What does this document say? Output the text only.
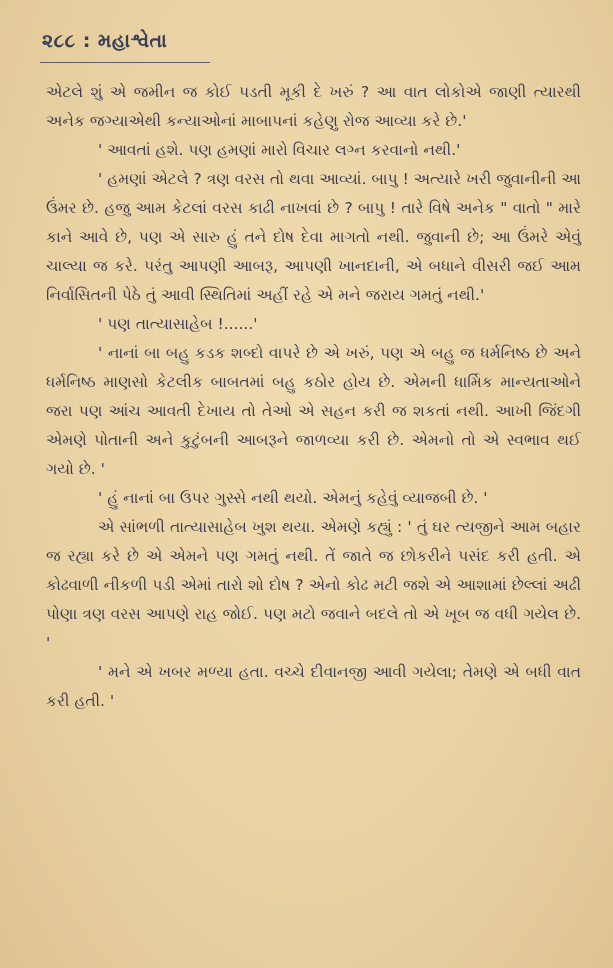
૨૮૮ : મહાશ્વેતા

એટલે શું એ જમીન જ કોઈ પડતી મૂકી દે ખરું ? આ વાત લોકોએ જાણી ત્યારથી અનેક જગ્યાએથી કન્યાઓનાં માબાપનાં કહેણુ રોજ આવ્યા કરે છે.'

' આવતાં હશે. પણ હમણાં મારો વિચાર લગ્ન કરવાનો નથી.'

' હમણાં એટલે ? ત્રણ વરસ તો થવા આવ્યાં. બાપુ ! અત્યારે ખરી જુવાનીની આ ઉંમર છે. હજુ આમ કેટલાં વરસ કાઢી નાખવાં છે ? બાપુ ! તારે વિષે અનેક " વાતો " મારે કાને આવે છે, પણ એ સારુ હું તને દોષ દેવા માગતો નથી. જુવાની છે; આ ઉંમરે એવું ચાલ્યા જ કરે. પરંતુ આપણી આબરૂ, આપણી ખાનદાની, એ બધાને વીસરી જઈ આમ નિર્વાસિતની પેઠે તું આવી સ્થિતિમાં અહીં રહે એ મને જરાય ગમતું નથી.'

' પણ તાત્યાસાહેબ !......'

' નાનાં બા બહુ કડક શબ્દો વાપરે છે એ ખરું, પણ એ બહુ જ ધર્મનિષ્ઠ છે અને ધર્મનિષ્ઠ માણસો કેટલીક બાબતમાં બહુ કઠોર હોય છે. એમની ધાર્મિક માન્યતાઓને જરા પણ આંચ આવતી દેખાય તો તેઓ એ સહન કરી જ શકતાં નથી. આખી જિંદગી એમણે પોતાની અને કુટુંબની આબરૂને જાળવ્યા કરી છે. એમનો તો એ સ્વભાવ થઈ ગયો છે. '

' હું નાનાં બા ઉપર ગુસ્સે નથી થયો. એમનું કહેવું વ્યાજબી છે. '

એ સાંભળી તાત્યાસાહેબ ખુશ થયા. એમણે કહ્યું : ' તું ઘર ત્યજીને આમ બહાર જ રહ્યા કરે છે એ એમને પણ ગમતું નથી. તેં જાતે જ છોકરીને પસંદ કરી હતી. એ કોઢવાળી નીકળી પડી એમાં તારો શો દોષ ? એનો કોઢ મટી જશે એ આશામાં છેલ્લાં અઢી પોણા ત્રણ વરસ આપણે રાહ જોઈ. પણ મટો જવાને બદલે તો એ ખૂબ જ વધી ગયેલ છે. '

' મને એ ખબર મળ્યા હતા. વચ્ચે દીવાનજી આવી ગયેલા; તેમણે એ બધી વાત કરી હતી. '
